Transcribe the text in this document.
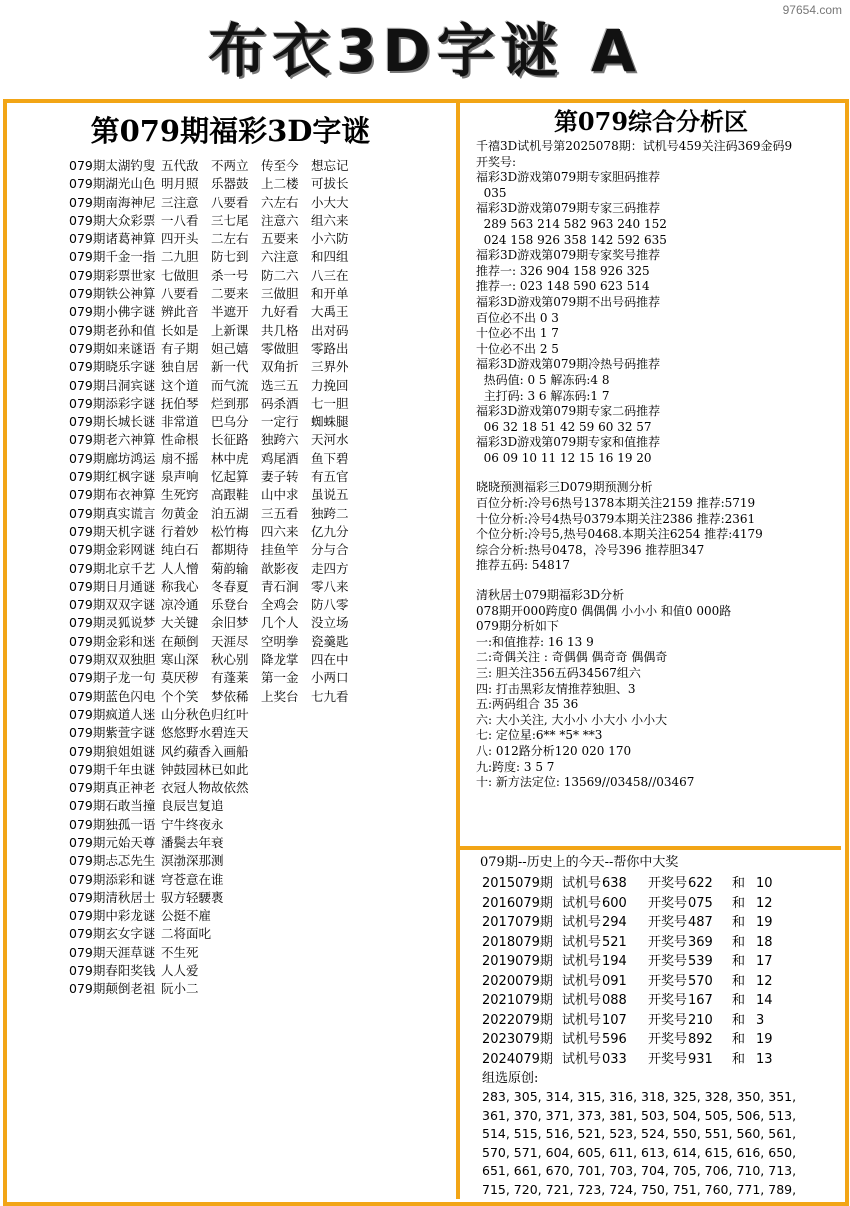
97654.com
布衣3D字谜 A
第079期福彩3D字谜
079期太湖钓叟 五代敌 不两立 传至今 想忘记
079期湖光山色 明月照 乐器鼓 上二楼 可拔长
079期南海神尼 三注意 八要看 六左右 小大大
079期大众彩票 一八看 三七尾 注意六 组六来
079期诸葛神算 四开头 二左右 五要来 小六防
079期千金一指 二九胆 防七到 六注意 和四组
079期彩票世家 七做胆 杀一号 防二六 八三在
079期铁公神算 八要看 二要来 三做胆 和开单
079期小佛字谜 辨此音 半遮开 九好看 大禹王
079期老孙和值 长如是 上新课 共几格 出对码
079期如来谜语 有子期 妲己嬉 零做胆 零路出
079期晓乐字谜 独自居 新一代 双角折 三界外
079期吕洞宾谜 这个道 而气流 选三五 力挽回
079期添彩字谜 抚伯琴 烂到那 码杀酒 七一胆
079期长城长谜 非常道 巴乌分 一定行 蜘蛛腿
079期老六神算 性命根 长征路 独跨六 天河水
079期廊坊鸿运 扇不摇 林中虎 鸡尾酒 鱼下碧
079期红枫字谜 泉声响 忆起算 妻子转 有五官
079期布衣神算 生死窍 高跟鞋 山中求 虽说五
079期真实谎言 勿黄金 泊五湖 三五看 独跨二
079期天机字谜 行着妙 松竹梅 四六来 亿九分
079期金彩网谜 纯白石 都期待 挂鱼竿 分与合
079期北京千艺 人人憎 菊韵输 歆影夜 走四方
079期日月通谜 称我心 冬春夏 青石涧 零八来
079期双双字谜 凉冷通 乐登台 全鸡会 防八零
079期灵狐说梦 大关键 余旧梦 几个人 没立场
079期金彩和迷 在颠倒 天涯尽 空明拳 瓷羹匙
079期双双独胆 寒山深 秋心别 降龙掌 四在中
079期子龙一句 莫厌秽 有蓬莱 第一金 小两口
079期蓝色闪电 个个笑 梦依稀 上奖台 七九看
079期疯道人迷 山分秋色归红叶
079期紫萱字谜 悠悠野水碧连天
079期狼姐姐谜 风约蘋香入画船
079期千年虫谜 钟鼓园林已如此
079期真正神老 衣冠人物故依然
079期石敢当撞 良辰岂复追
079期独孤一语 宁牛终夜永
079期元始天尊 潘鬓去年衰
079期忐忑先生 溟渤深那测
079期添彩和谜 穹苍意在谁
079期清秋居士 驭方轻騕褭
079期中彩龙谜 公挺不雇
079期玄女字谜 二将面叱
079期天涯草谜 不生死
079期春阳奖钱 人人爱
079期颠倒老祖 阮小二
第079综合分析区
千禧3D试机号第2025078期：试机号459关注码369金码9
开奖号:
福彩3D游戏第079期专家胆码推荐
035
福彩3D游戏第079期专家三码推荐
289 563 214 582 963 240 152
024 158 926 358 142 592 635
福彩3D游戏第079期专家奖号推荐
推荐一: 326 904 158 926 325
推荐一: 023 148 590 623 514
福彩3D游戏第079期不出号码推荐
百位必不出 0 3
十位必不出 1 7
十位必不出 2 5
福彩3D游戏第079期冷热号码推荐
热码值: 0 5 解冻码:4 8
主打码: 3 6 解冻码:1 7
福彩3D游戏第079期专家二码推荐
06 32 18 51 42 59 60 32 57
福彩3D游戏第079期专家和值推荐
06 09 10 11 12 15 16 19 20
晓晓预测福彩三D079期预测分析
百位分析:冷号6热号1378本期关注2159 推荐:5719
十位分析:冷号4热号0379本期关注2386 推荐:2361
个位分析:冷号5,热号0468.本期关注6254 推荐:4179
综合分析:热号0478，冷号396 推荐胆347
推荐五码: 54817
清秋居士079期福彩3D分析
078期开000跨度0 偶偶偶 小小小 和值0 000路
079期分析如下
一:和值推荐: 16 13 9
二:奇偶关注 : 奇偶偶 偶奇奇 偶偶奇
三: 胆关注356五码34567组六
四: 打击黑彩友情推荐独胆、3
五:两码组合 35 36
六: 大小关注, 大小小 小大小 小小大
七: 定位星:6** *5* **3
八: 012路分析120 020 170
九:跨度: 3 5 7
十: 新方法定位: 13569//03458//03467
079期--历史上的今天--帮你中大奖
2015079期 试机号638 开奖号622 和 10
2016079期 试机号600 开奖号075 和 12
2017079期 试机号294 开奖号487 和 19
2018079期 试机号521 开奖号369 和 18
2019079期 试机号194 开奖号539 和 17
2020079期 试机号091 开奖号570 和 12
2021079期 试机号088 开奖号167 和 14
2022079期 试机号107 开奖号210 和 3
2023079期 试机号596 开奖号892 和 19
2024079期 试机号033 开奖号931 和 13
组选原创:
283, 305, 314, 315, 316, 318, 325, 328, 350, 351,
361, 370, 371, 373, 381, 503, 504, 505, 506, 513,
514, 515, 516, 521, 523, 524, 550, 551, 560, 561,
570, 571, 604, 605, 611, 613, 614, 615, 616, 650,
651, 661, 670, 701, 703, 704, 705, 706, 710, 713,
715, 720, 721, 723, 724, 750, 751, 760, 771, 789,
